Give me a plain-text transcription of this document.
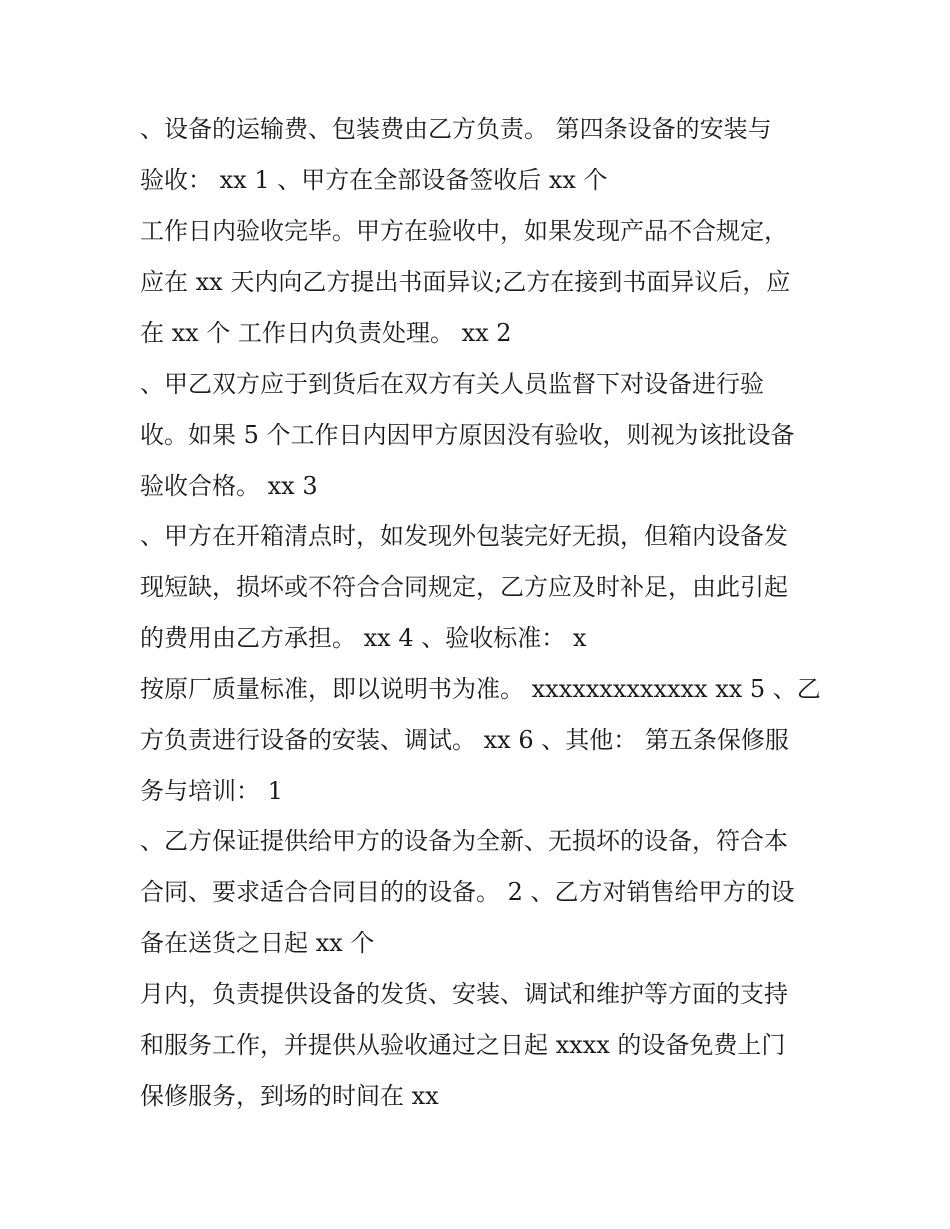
、设备的运输费、包装费由乙方负责。 第四条设备的安装与
验收： xx 1 、甲方在全部设备签收后 xx 个
工作日内验收完毕。甲方在验收中，如果发现产品不合规定，
应在 xx 天内向乙方提出书面异议;乙方在接到书面异议后，应
在 xx 个 工作日内负责处理。 xx 2
、甲乙双方应于到货后在双方有关人员监督下对设备进行验
收。如果 5 个工作日内因甲方原因没有验收，则视为该批设备
验收合格。 xx 3
、甲方在开箱清点时，如发现外包装完好无损，但箱内设备发
现短缺，损坏或不符合合同规定，乙方应及时补足，由此引起
的费用由乙方承担。 xx 4 、验收标准： x
按原厂质量标准，即以说明书为准。 xxxxxxxxxxxxx xx 5 、乙
方负责进行设备的安装、调试。 xx 6 、其他： 第五条保修服
务与培训： 1
、乙方保证提供给甲方的设备为全新、无损坏的设备，符合本
合同、要求适合合同目的的设备。 2 、乙方对销售给甲方的设
备在送货之日起 xx 个
月内，负责提供设备的发货、安装、调试和维护等方面的支持
和服务工作，并提供从验收通过之日起 xxxx 的设备免费上门
保修服务，到场的时间在 xx
